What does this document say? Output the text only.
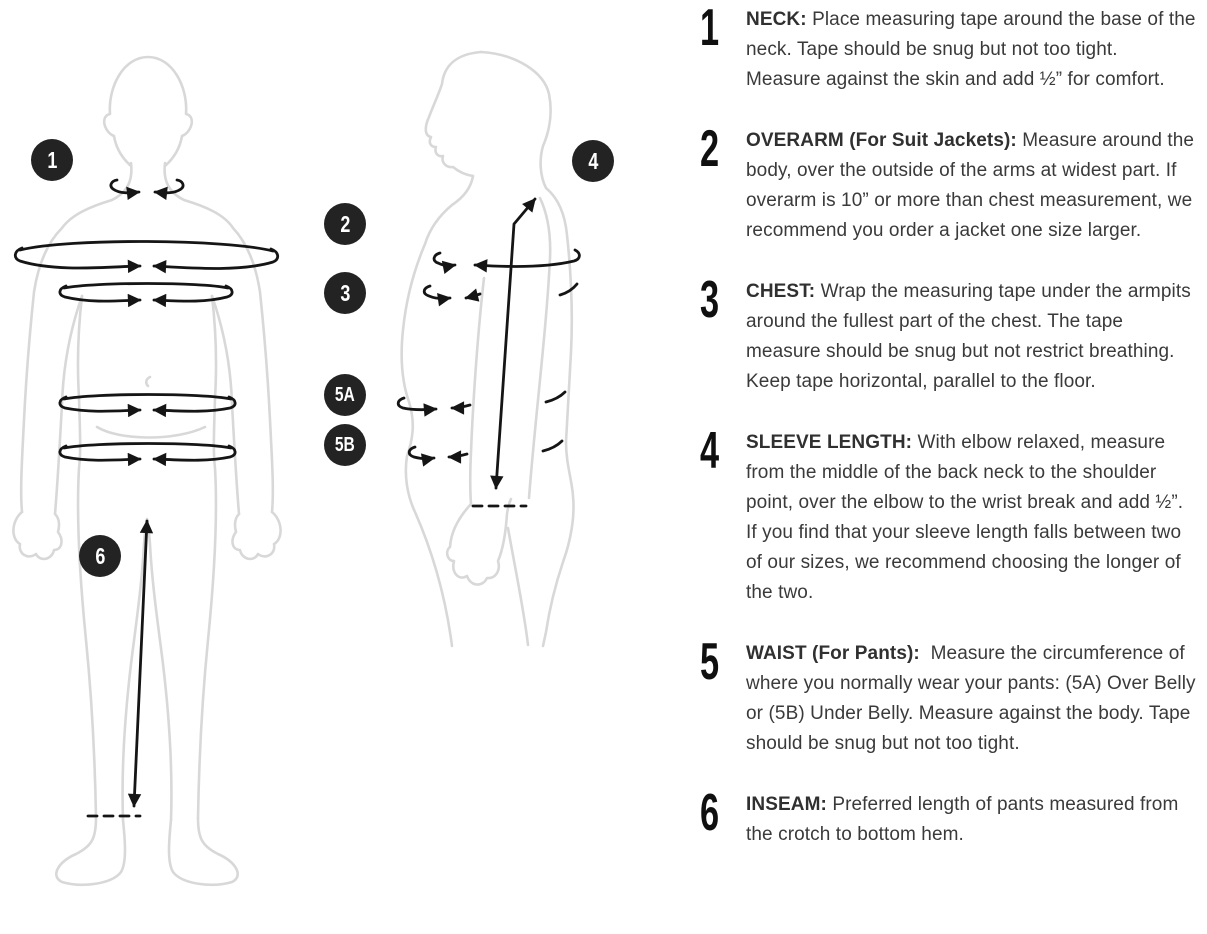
1
2
3
4
5A
5B
6
1	NECK: Place measuring tape around the base of the neck. Tape should be snug but not too tight. Measure against the skin and add ½” for comfort.
2	OVERARM (For Suit Jackets): Measure around the body, over the outside of the arms at widest part. If overarm is 10” or more than chest measurement, we recommend you order a jacket one size larger.
3	CHEST: Wrap the measuring tape under the armpits around the fullest part of the chest. The tape measure should be snug but not restrict breathing. Keep tape horizontal, parallel to the floor.
4	SLEEVE LENGTH: With elbow relaxed, measure from the middle of the back neck to the shoulder point, over the elbow to the wrist break and add ½”. If you find that your sleeve length falls between two of our sizes, we recommend choosing the longer of the two.
5	WAIST (For Pants): Measure the circumference of where you normally wear your pants: (5A) Over Belly or (5B) Under Belly. Measure against the body. Tape should be snug but not too tight.
6	INSEAM: Preferred length of pants measured from the crotch to bottom hem.
